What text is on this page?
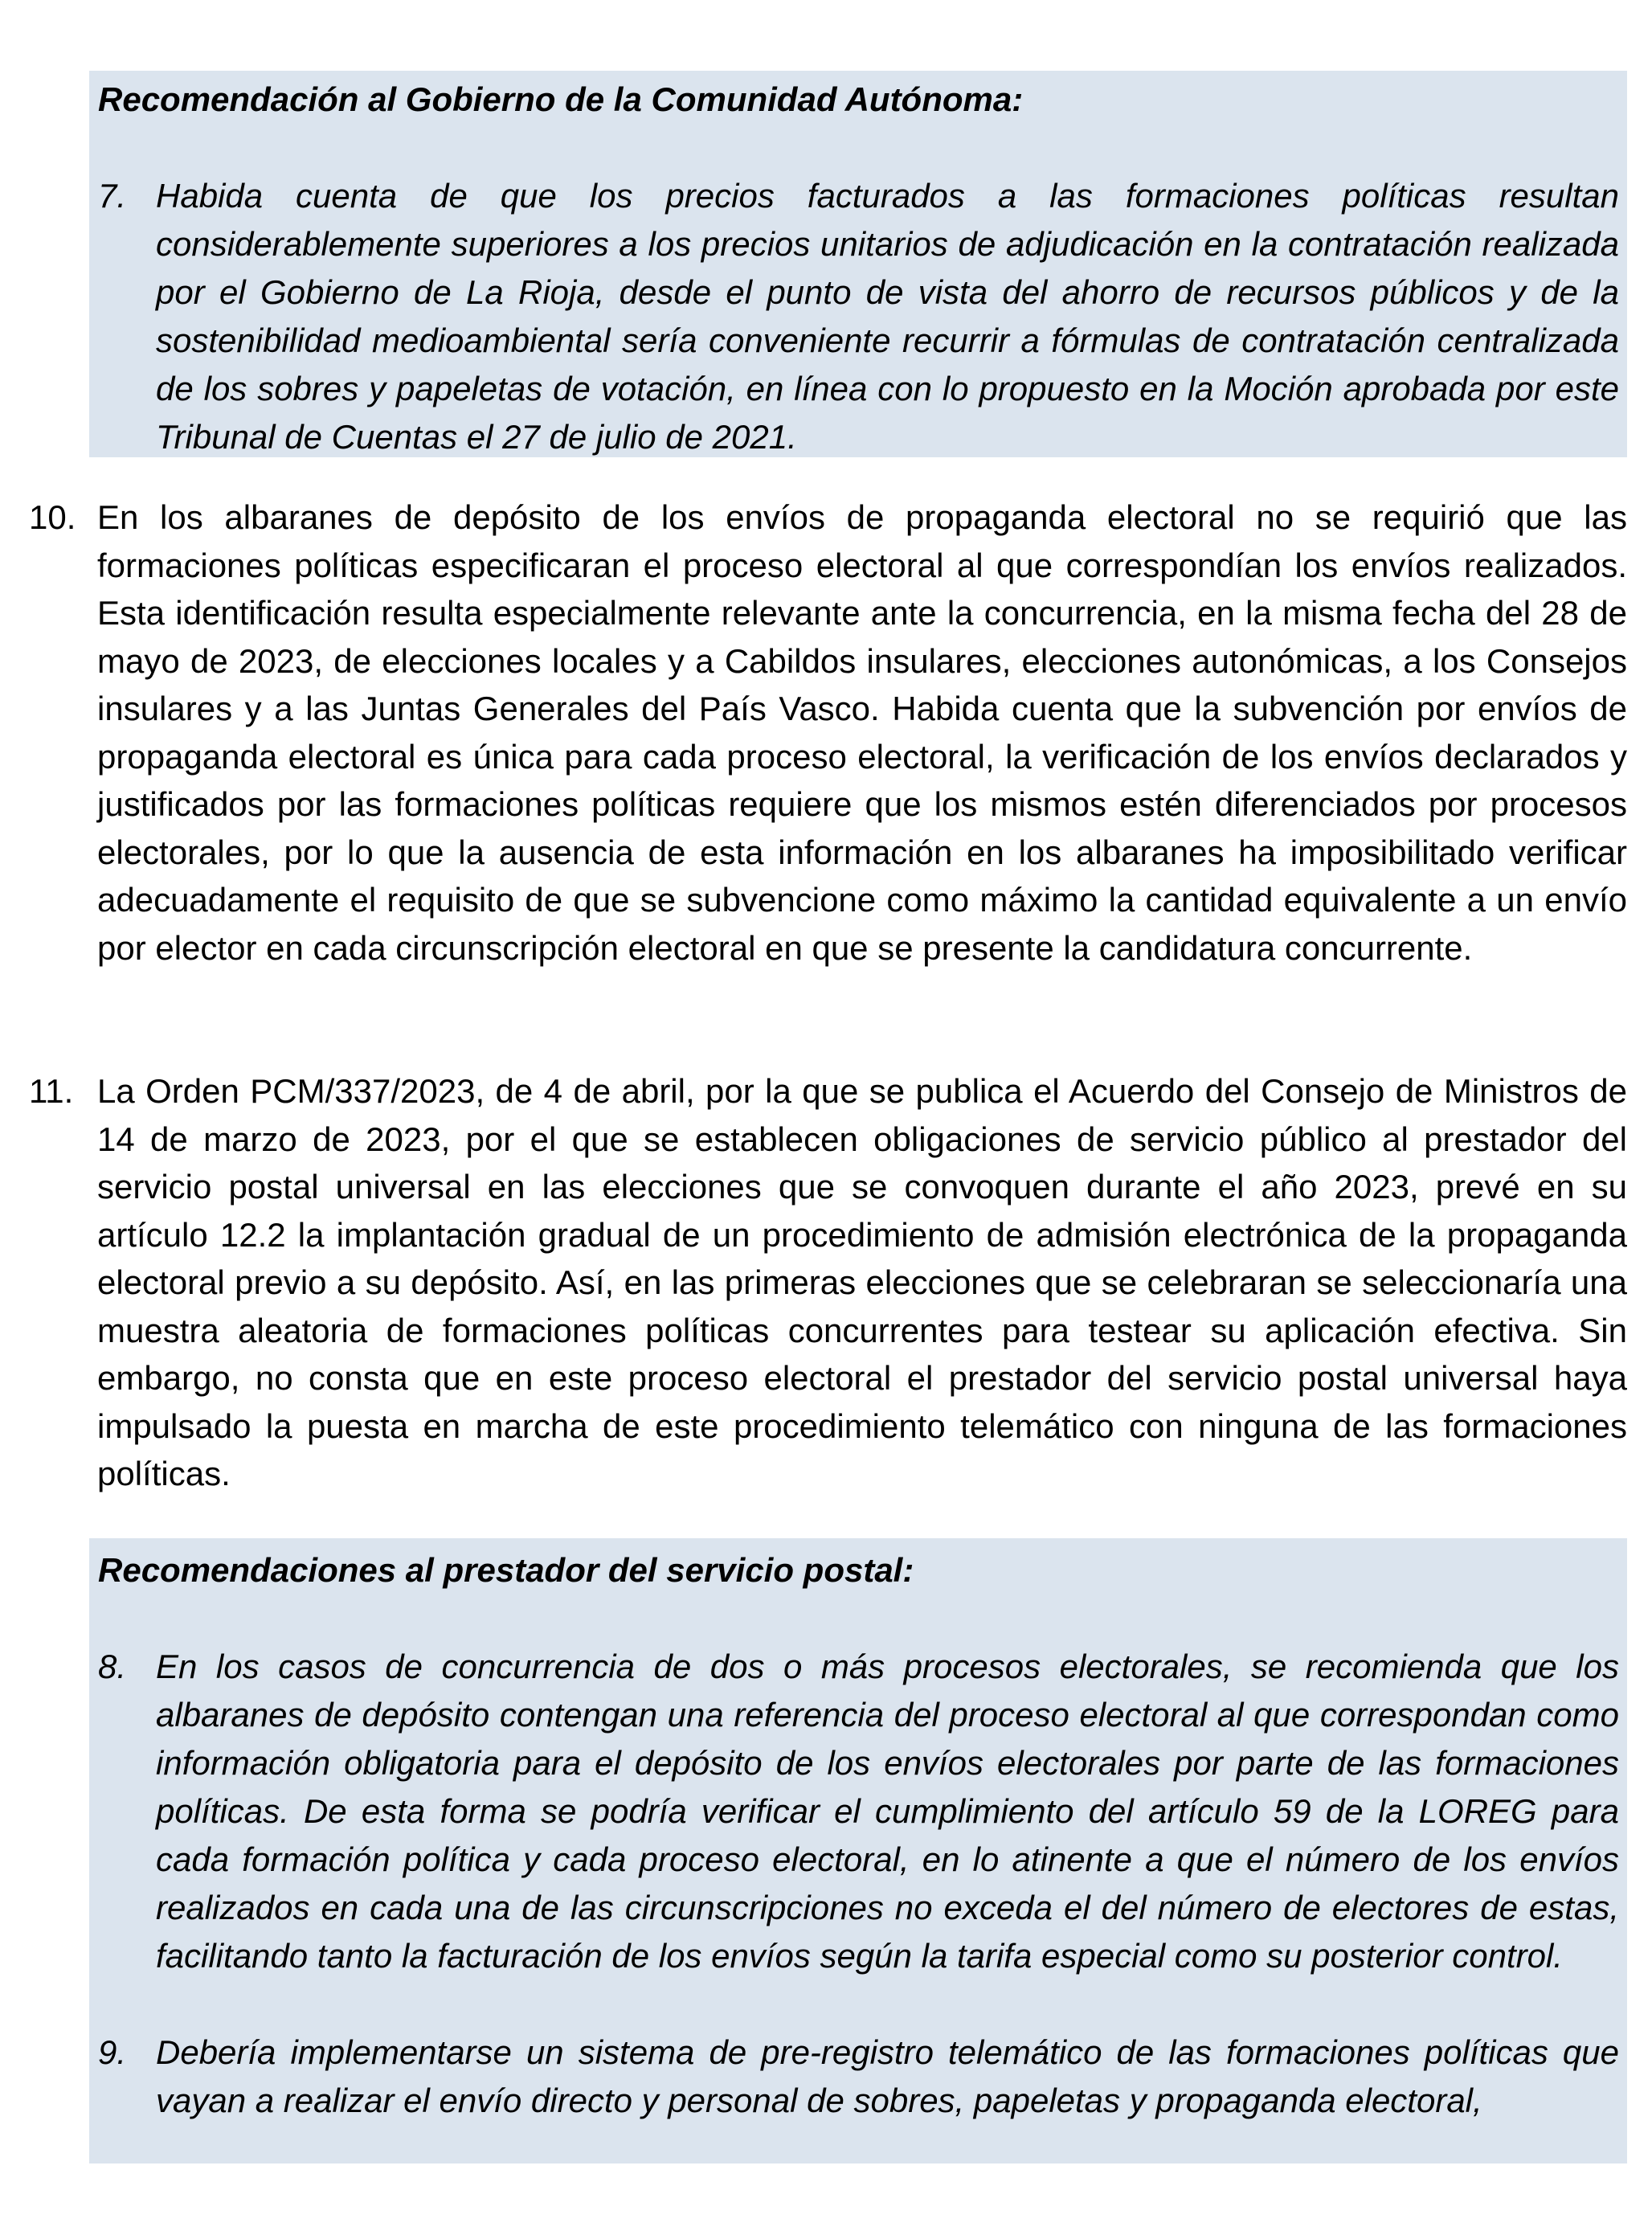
Recomendación al Gobierno de la Comunidad Autónoma:

7. Habida cuenta de que los precios facturados a las formaciones políticas resultan considerablemente superiores a los precios unitarios de adjudicación en la contratación realizada por el Gobierno de La Rioja, desde el punto de vista del ahorro de recursos públicos y de la sostenibilidad medioambiental sería conveniente recurrir a fórmulas de contratación centralizada de los sobres y papeletas de votación, en línea con lo propuesto en la Moción aprobada por este Tribunal de Cuentas el 27 de julio de 2021.
10. En los albaranes de depósito de los envíos de propaganda electoral no se requirió que las formaciones políticas especificaran el proceso electoral al que correspondían los envíos realizados. Esta identificación resulta especialmente relevante ante la concurrencia, en la misma fecha del 28 de mayo de 2023, de elecciones locales y a Cabildos insulares, elecciones autonómicas, a los Consejos insulares y a las Juntas Generales del País Vasco. Habida cuenta que la subvención por envíos de propaganda electoral es única para cada proceso electoral, la verificación de los envíos declarados y justificados por las formaciones políticas requiere que los mismos estén diferenciados por procesos electorales, por lo que la ausencia de esta información en los albaranes ha imposibilitado verificar adecuadamente el requisito de que se subvencione como máximo la cantidad equivalente a un envío por elector en cada circunscripción electoral en que se presente la candidatura concurrente.
11. La Orden PCM/337/2023, de 4 de abril, por la que se publica el Acuerdo del Consejo de Ministros de 14 de marzo de 2023, por el que se establecen obligaciones de servicio público al prestador del servicio postal universal en las elecciones que se convoquen durante el año 2023, prevé en su artículo 12.2 la implantación gradual de un procedimiento de admisión electrónica de la propaganda electoral previo a su depósito. Así, en las primeras elecciones que se celebraran se seleccionaría una muestra aleatoria de formaciones políticas concurrentes para testear su aplicación efectiva. Sin embargo, no consta que en este proceso electoral el prestador del servicio postal universal haya impulsado la puesta en marcha de este procedimiento telemático con ninguna de las formaciones políticas.

Recomendaciones al prestador del servicio postal:

8. En los casos de concurrencia de dos o más procesos electorales, se recomienda que los albaranes de depósito contengan una referencia del proceso electoral al que correspondan como información obligatoria para el depósito de los envíos electorales por parte de las formaciones políticas. De esta forma se podría verificar el cumplimiento del artículo 59 de la LOREG para cada formación política y cada proceso electoral, en lo atinente a que el número de los envíos realizados en cada una de las circunscripciones no exceda el del número de electores de estas, facilitando tanto la facturación de los envíos según la tarifa especial como su posterior control.
9. Debería implementarse un sistema de pre-registro telemático de las formaciones políticas que vayan a realizar el envío directo y personal de sobres, papeletas y propaganda electoral,
